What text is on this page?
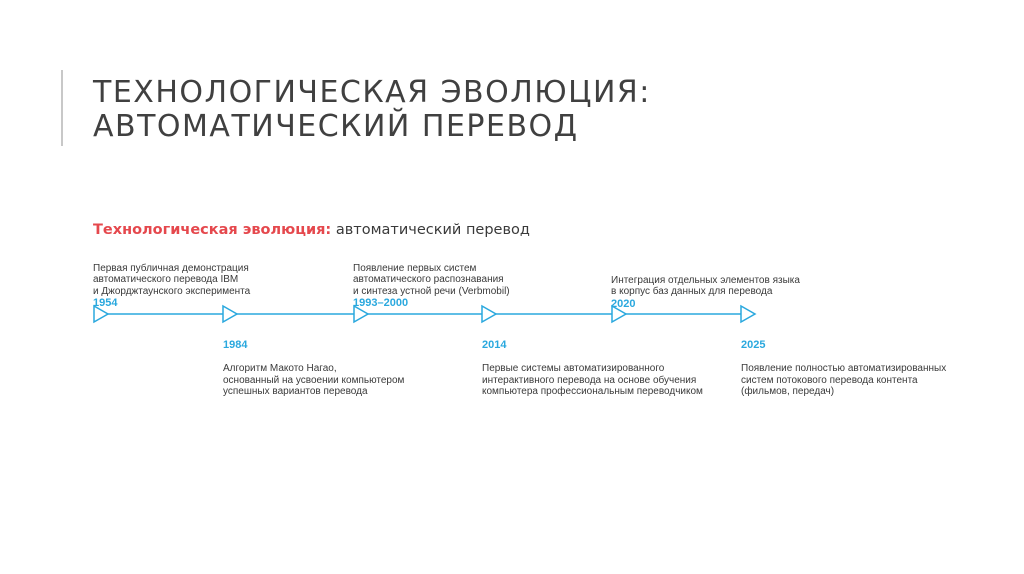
ТЕХНОЛОГИЧЕСКАЯ ЭВОЛЮЦИЯ:
АВТОМАТИЧЕСКИЙ ПЕРЕВОД
Технологическая эволюция: автоматический перевод

Первая публичная демонстрация
автоматического перевода IBM
и Джорджтаунского эксперимента

1954

Появление первых систем
автоматического распознавания
и синтеза устной речи (Verbmobil)

1993–2000

Интеграция отдельных элементов языка
в корпус баз данных для перевода

2020

1984

Алгоритм Макото Нагао,
основанный на усвоении компьютером
успешных вариантов перевода

2014

Первые системы автоматизированного
интерактивного перевода на основе обучения
компьютера профессиональным переводчиком

2025

Появление полностью автоматизированных
систем потокового перевода контента
(фильмов, передач)
